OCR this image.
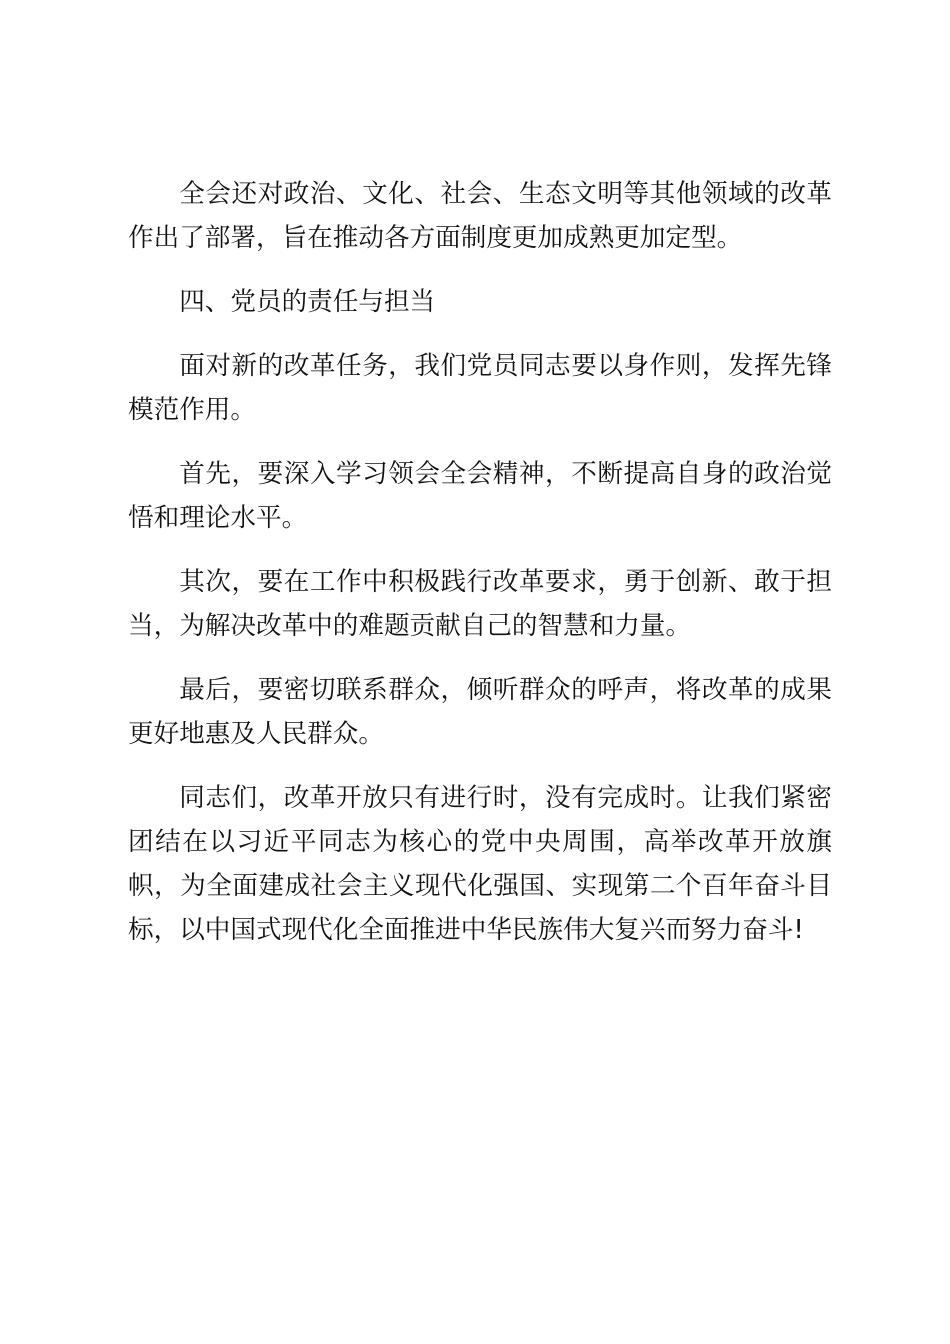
全会还对政治、文化、社会、生态文明等其他领域的改革作出了部署，旨在推动各方面制度更加成熟更加定型。

四、党员的责任与担当

面对新的改革任务，我们党员同志要以身作则，发挥先锋模范作用。

首先，要深入学习领会全会精神，不断提高自身的政治觉悟和理论水平。

其次，要在工作中积极践行改革要求，勇于创新、敢于担当，为解决改革中的难题贡献自己的智慧和力量。

最后，要密切联系群众，倾听群众的呼声，将改革的成果更好地惠及人民群众。

同志们，改革开放只有进行时，没有完成时。让我们紧密团结在以习近平同志为核心的党中央周围，高举改革开放旗帜，为全面建成社会主义现代化强国、实现第二个百年奋斗目标，以中国式现代化全面推进中华民族伟大复兴而努力奋斗!
